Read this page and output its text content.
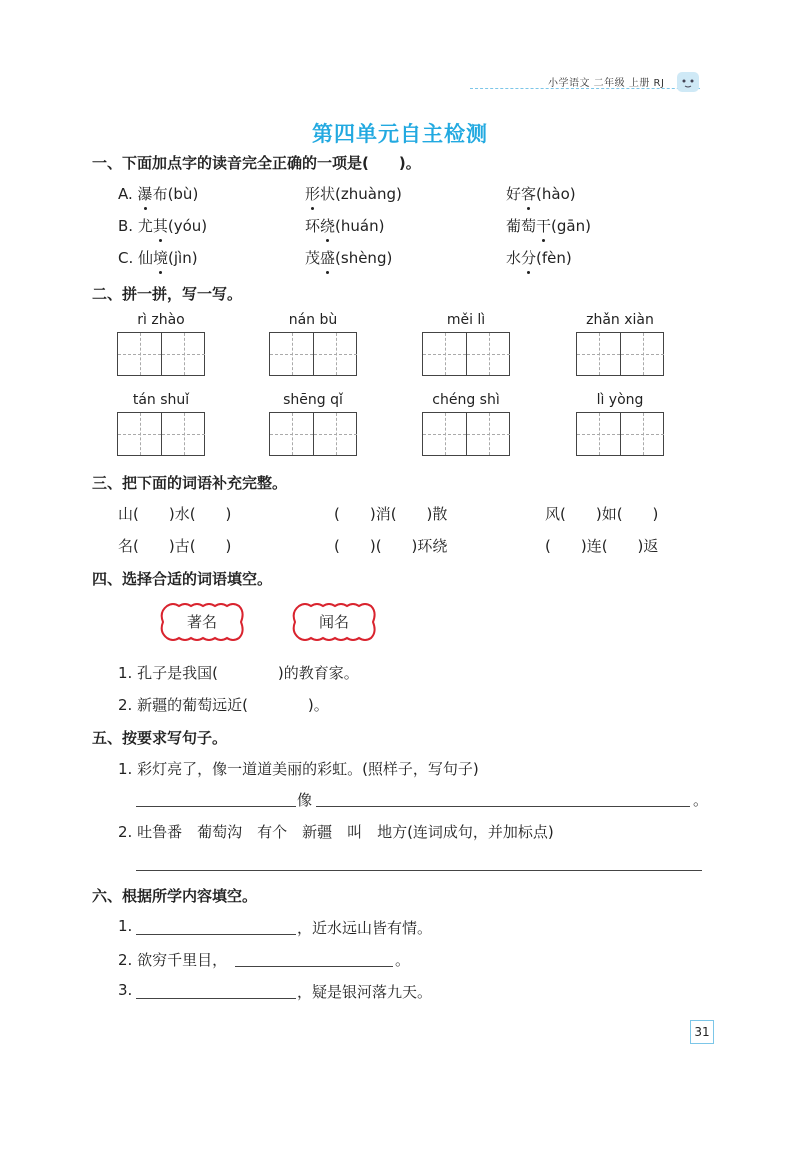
小学语文 二年级 上册 RJ
第四单元自主检测
一、下面加点字的读音完全正确的一项是(　　)。
A. 瀑布(bù)	形状(zhuàng)	好客(hào)
B. 尤其(yóu)	环绕(huán)	葡萄干(gān)
C. 仙境(jìn)	茂盛(shèng)	水分(fèn)
二、拼一拼，写一写。
rì zhào	nán bù	měi lì	zhǎn xiàn
tán shuǐ	shēng qǐ	chéng shì	lì yòng
三、把下面的词语补充完整。
山(　　)水(　　)	(　　)消(　　)散	风(　　)如(　　)
名(　　)古(　　)	(　　)(　　)环绕	(　　)连(　　)返
四、选择合适的词语填空。
著名	闻名
1. 孔子是我国(　　　　)的教育家。
2. 新疆的葡萄远近(　　　　)。
五、按要求写句子。
1. 彩灯亮了，像一道道美丽的彩虹。(照样子，写句子)
像	。
2. 吐鲁番　葡萄沟　有个　新疆　叫　地方(连词成句，并加标点)
六、根据所学内容填空。
1.	，近水远山皆有情。
2. 欲穷千里目，	。
3.	，疑是银河落九天。
31
